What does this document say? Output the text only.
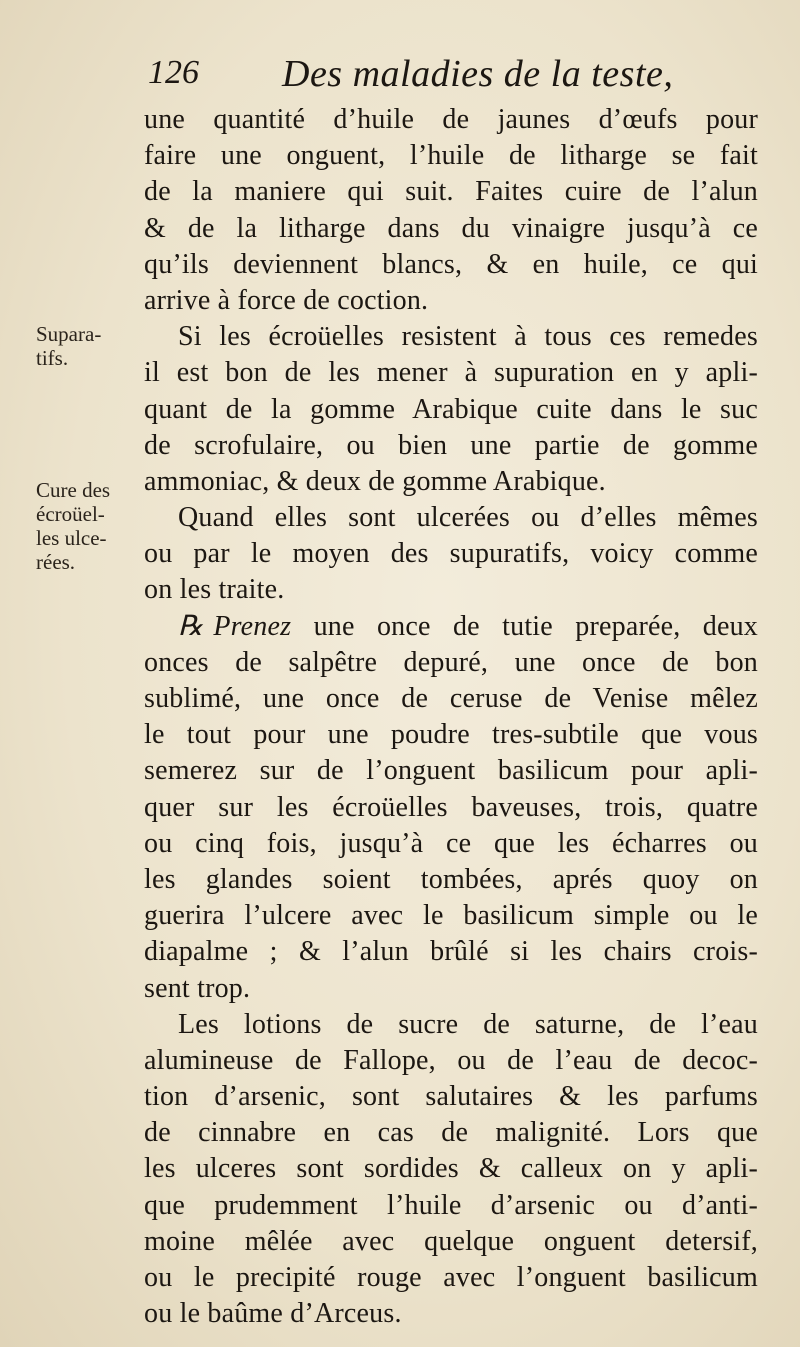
126 Des maladies de la teste,
Supara-
tifs.
Cure des
écroüel-
les ulce-
rées.
une quantité d’huile de jaunes d’œufs pour
faire une onguent, l’huile de litharge se fait
de la maniere qui suit. Faites cuire de l’alun
& de la litharge dans du vinaigre jusqu’à ce
qu’ils deviennent blancs, & en huile, ce qui
arrive à force de coction.
Si les écroüelles resistent à tous ces remedes
il est bon de les mener à supuration en y apli-
quant de la gomme Arabique cuite dans le suc
de scrofulaire, ou bien une partie de gomme
ammoniac, & deux de gomme Arabique.
Quand elles sont ulcerées ou d’elles mêmes
ou par le moyen des supuratifs, voicy comme
on les traite.
℞ Prenez une once de tutie preparée, deux
onces de salpêtre depuré, une once de bon
sublimé, une once de ceruse de Venise mêlez
le tout pour une poudre tres-subtile que vous
semerez sur de l’onguent basilicum pour apli-
quer sur les écroüelles baveuses, trois, quatre
ou cinq fois, jusqu’à ce que les écharres ou
les glandes soient tombées, aprés quoy on
guerira l’ulcere avec le basilicum simple ou le
diapalme ; & l’alun brûlé si les chairs crois-
sent trop.
Les lotions de sucre de saturne, de l’eau
alumineuse de Fallope, ou de l’eau de decoc-
tion d’arsenic, sont salutaires & les parfums
de cinnabre en cas de malignité. Lors que
les ulceres sont sordides & calleux on y apli-
que prudemment l’huile d’arsenic ou d’anti-
moine mêlée avec quelque onguent detersif,
ou le precipité rouge avec l’onguent basilicum
ou le baûme d’Arceus.
